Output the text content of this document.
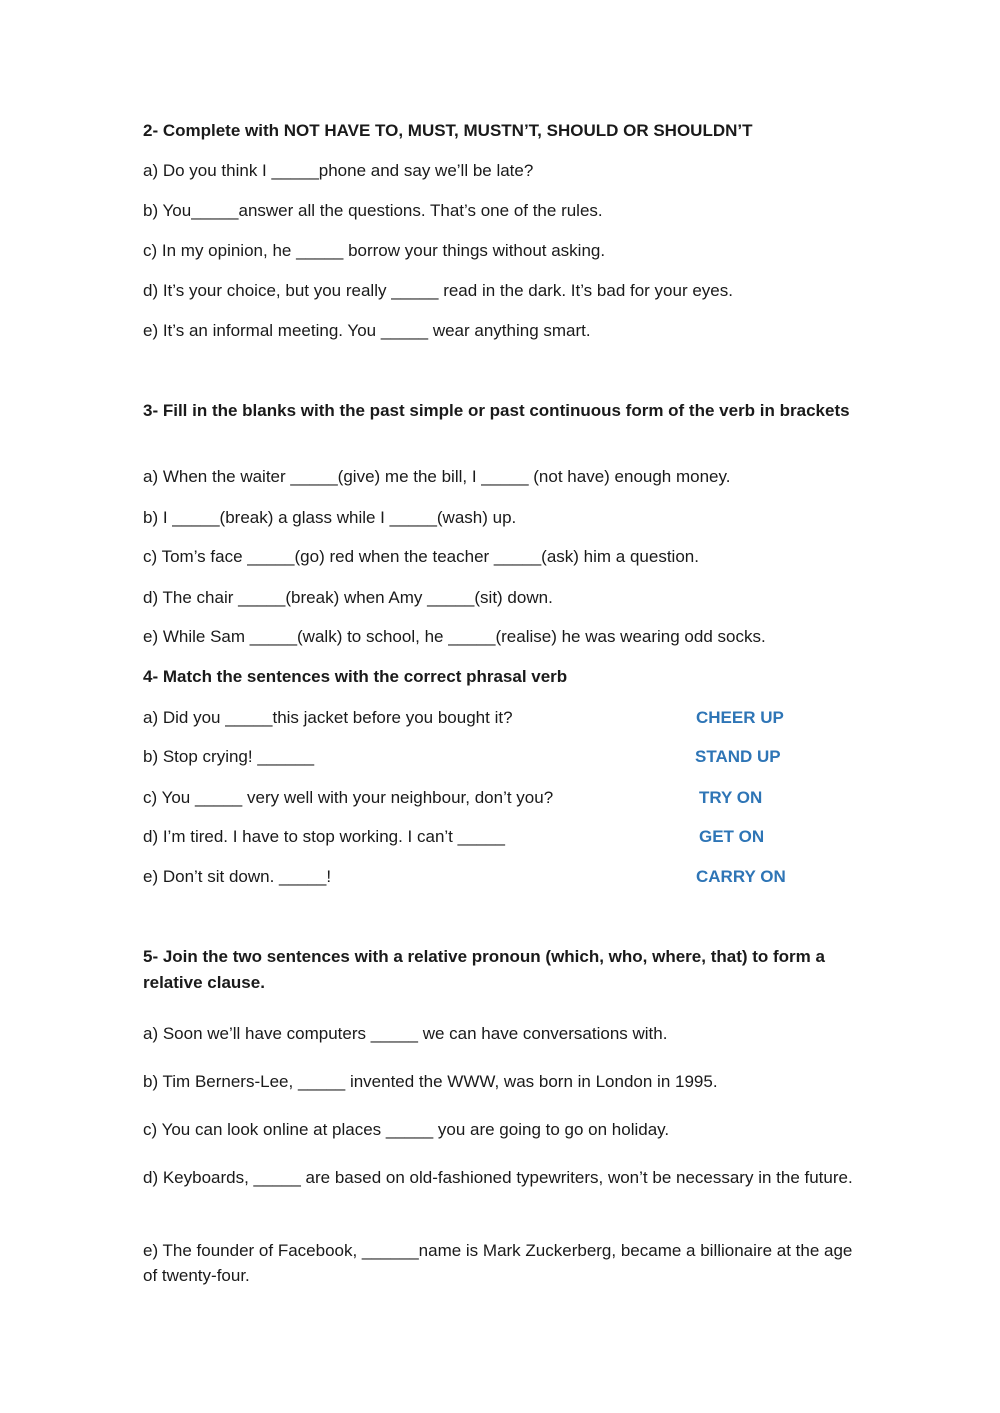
2- Complete with NOT HAVE TO, MUST, MUSTN’T, SHOULD OR SHOULDN’T
a) Do you think I _____phone and say we’ll be late?
b) You_____answer all the questions. That’s one of the rules.
c) In my opinion, he _____ borrow your things without asking.
d) It’s your choice, but you really _____ read in the dark. It’s bad for your eyes.
e) It’s an informal meeting. You _____ wear anything smart.
3- Fill in the blanks with the past simple or past continuous form of the verb in brackets
a) When the waiter _____(give) me the bill, I _____ (not have) enough money.
b) I _____(break) a glass while I _____(wash) up.
c) Tom’s face _____(go) red when the teacher _____(ask) him a question.
d) The chair _____(break) when Amy _____(sit) down.
e) While Sam _____(walk) to school, he _____(realise) he was wearing odd socks.
4- Match the sentences with the correct phrasal verb
a) Did you _____this jacket before you bought it?
b) Stop crying! ______
c) You _____ very well with your neighbour, don’t you?
d) I’m tired. I have to stop working. I can’t _____
e) Don’t sit down. _____!
CHEER UP
STAND UP
TRY ON
GET ON
CARRY ON
5- Join the two sentences with a relative pronoun (which, who, where, that) to form a relative clause.
a) Soon we’ll have computers _____ we can have conversations with.
b) Tim Berners-Lee, _____ invented the WWW, was born in London in 1995.
c) You can look online at places _____ you are going to go on holiday.
d) Keyboards, _____ are based on old-fashioned typewriters, won’t be necessary in the future.
e) The founder of Facebook, ______name is Mark Zuckerberg, became a billionaire at the age of twenty-four.
